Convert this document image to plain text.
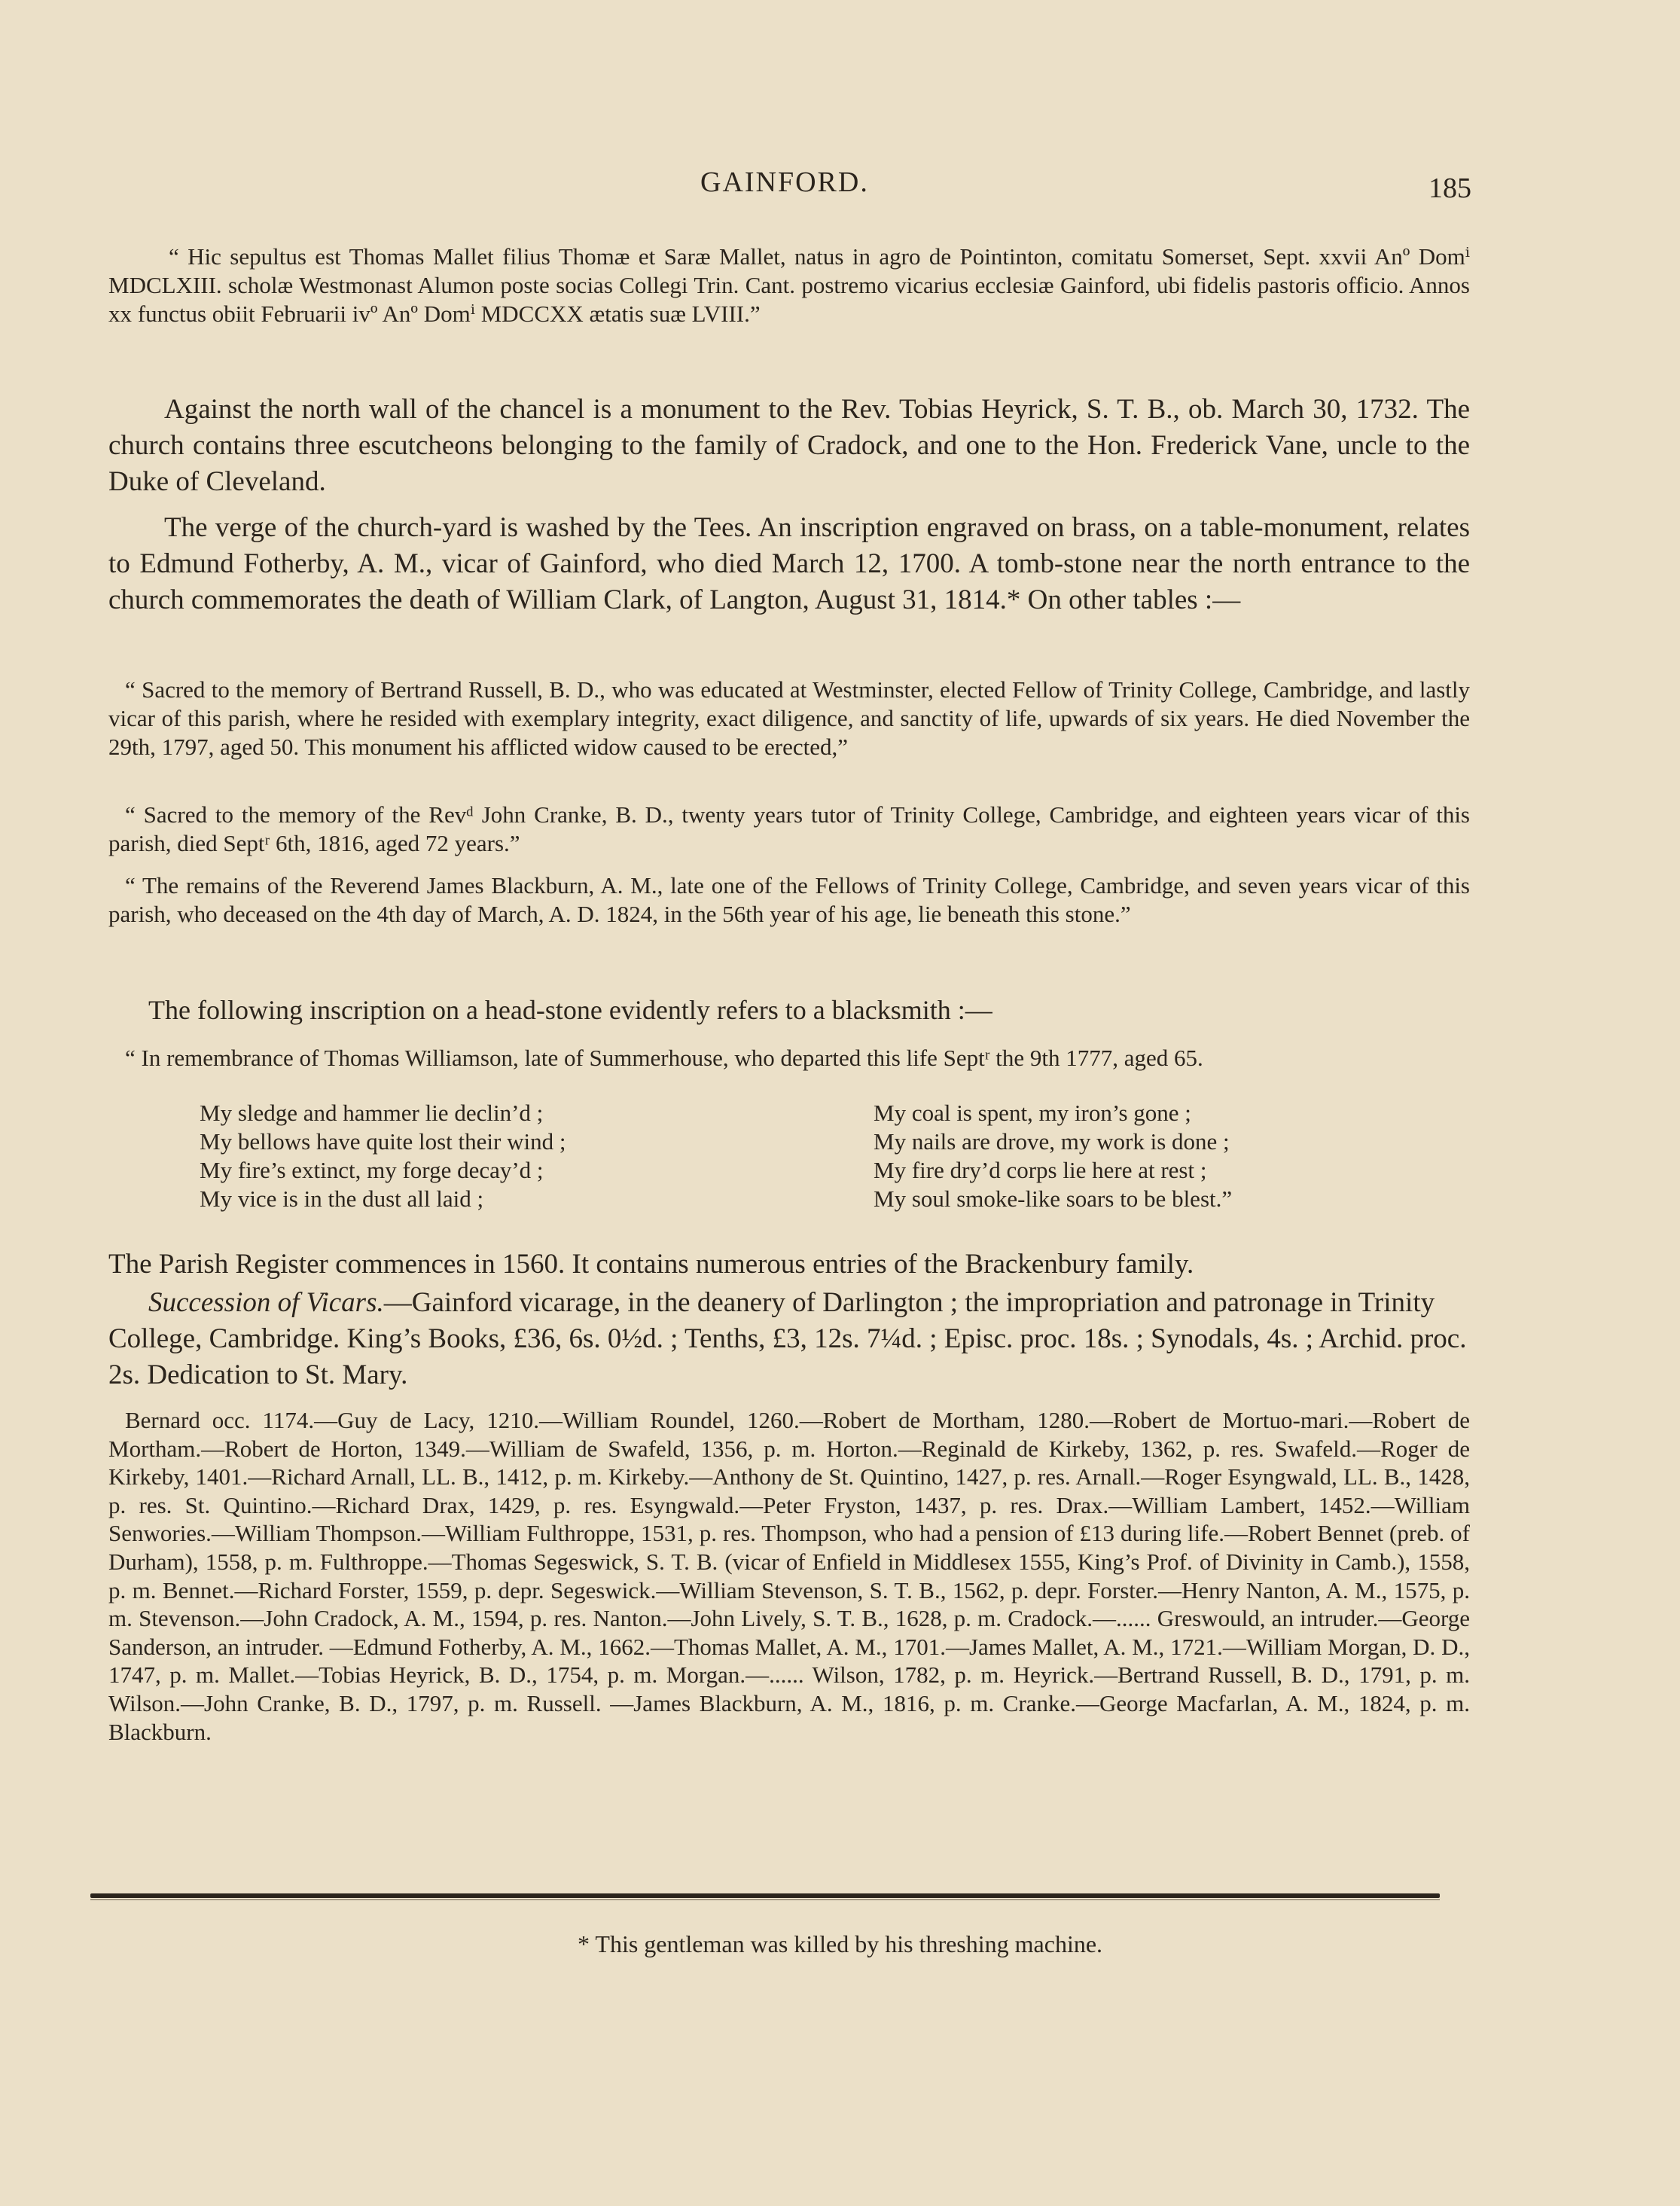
GAINFORD.	185
“ Hic sepultus est Thomas Mallet filius Thomæ et Saræ Mallet, natus in agro de Pointinton, comitatu Somerset, Sept. xxvii Anº Domⁱ MDCLXIII. scholæ Westmonast Alumon poste socias Collegi Trin. Cant. postremo vicarius ecclesiæ Gainford, ubi fidelis pastoris officio. Annos xx functus obiit Februarii ivº Anº Domⁱ MDCCXX ætatis suæ LVIII.”
Against the north wall of the chancel is a monument to the Rev. Tobias Heyrick, S. T. B., ob. March 30, 1732. The church contains three escutcheons belonging to the family of Cradock, and one to the Hon. Frederick Vane, uncle to the Duke of Cleveland.
The verge of the church-yard is washed by the Tees. An inscription engraved on brass, on a table-monument, relates to Edmund Fotherby, A. M., vicar of Gainford, who died March 12, 1700. A tomb-stone near the north entrance to the church commemorates the death of William Clark, of Langton, August 31, 1814.* On other tables :—
“ Sacred to the memory of Bertrand Russell, B. D., who was educated at Westminster, elected Fellow of Trinity College, Cambridge, and lastly vicar of this parish, where he resided with exemplary integrity, exact diligence, and sanctity of life, upwards of six years. He died November the 29th, 1797, aged 50. This monument his afflicted widow caused to be erected,”
“ Sacred to the memory of the Revᵈ John Cranke, B. D., twenty years tutor of Trinity College, Cambridge, and eighteen years vicar of this parish, died Septʳ 6th, 1816, aged 72 years.”
“ The remains of the Reverend James Blackburn, A. M., late one of the Fellows of Trinity College, Cambridge, and seven years vicar of this parish, who deceased on the 4th day of March, A. D. 1824, in the 56th year of his age, lie beneath this stone.”
The following inscription on a head-stone evidently refers to a blacksmith :—
“ In remembrance of Thomas Williamson, late of Summerhouse, who departed this life Septʳ the 9th 1777, aged 65.
My sledge and hammer lie declin’d ;
My bellows have quite lost their wind ;
My fire’s extinct, my forge decay’d ;
My vice is in the dust all laid ;
My coal is spent, my iron’s gone ;
My nails are drove, my work is done ;
My fire dry’d corps lie here at rest ;
My soul smoke-like soars to be blest.”
The Parish Register commences in 1560. It contains numerous entries of the Brackenbury family.
Succession of Vicars.—Gainford vicarage, in the deanery of Darlington ; the impropriation and patronage in Trinity College, Cambridge. King’s Books, £36, 6s. 0½d. ; Tenths, £3, 12s. 7¼d. ; Episc. proc. 18s. ; Synodals, 4s. ; Archid. proc. 2s. Dedication to St. Mary.
Bernard occ. 1174.—Guy de Lacy, 1210.—William Roundel, 1260.—Robert de Mortham, 1280.—Robert de Mortuo-mari.—Robert de Mortham.—Robert de Horton, 1349.—William de Swafeld, 1356, p. m. Horton.—Reginald de Kirkeby, 1362, p. res. Swafeld.—Roger de Kirkeby, 1401.—Richard Arnall, LL. B., 1412, p. m. Kirkeby.—Anthony de St. Quintino, 1427, p. res. Arnall.—Roger Esyngwald, LL. B., 1428, p. res. St. Quintino.—Richard Drax, 1429, p. res. Esyngwald.—Peter Fryston, 1437, p. res. Drax.—William Lambert, 1452.—William Senwories.—William Thompson.—William Fulthroppe, 1531, p. res. Thompson, who had a pension of £13 during life.—Robert Bennet (preb. of Durham), 1558, p. m. Fulthroppe.—Thomas Segeswick, S. T. B. (vicar of Enfield in Middlesex 1555, King’s Prof. of Divinity in Camb.), 1558, p. m. Bennet.—Richard Forster, 1559, p. depr. Segeswick.—William Stevenson, S. T. B., 1562, p. depr. Forster.—Henry Nanton, A. M., 1575, p. m. Stevenson.—John Cradock, A. M., 1594, p. res. Nanton.—John Lively, S. T. B., 1628, p. m. Cradock.—...... Greswould, an intruder.—George Sanderson, an intruder. —Edmund Fotherby, A. M., 1662.—Thomas Mallet, A. M., 1701.—James Mallet, A. M., 1721.—William Morgan, D. D., 1747, p. m. Mallet.—Tobias Heyrick, B. D., 1754, p. m. Morgan.—...... Wilson, 1782, p. m. Heyrick.—Bertrand Russell, B. D., 1791, p. m. Wilson.—John Cranke, B. D., 1797, p. m. Russell. —James Blackburn, A. M., 1816, p. m. Cranke.—George Macfarlan, A. M., 1824, p. m. Blackburn.
* This gentleman was killed by his threshing machine.
